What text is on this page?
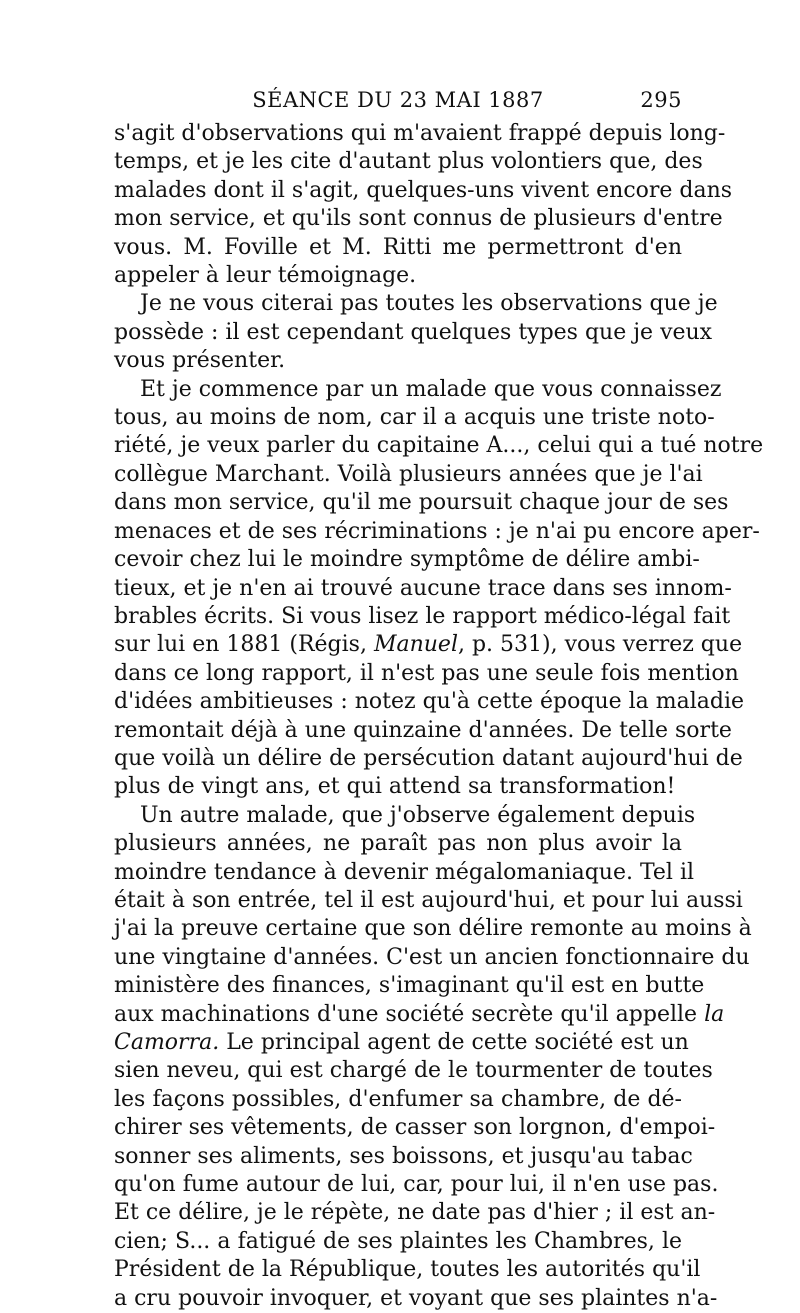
SÉANCE DU 23 MAI 1887	295
s'agit d'observations qui m'avaient frappé depuis long-
temps, et je les cite d'autant plus volontiers que, des
malades dont il s'agit, quelques-uns vivent encore dans
mon service, et qu'ils sont connus de plusieurs d'entre
vous. M. Foville et M. Ritti me permettront d'en
appeler à leur témoignage.
Je ne vous citerai pas toutes les observations que je
possède : il est cependant quelques types que je veux
vous présenter.
Et je commence par un malade que vous connaissez
tous, au moins de nom, car il a acquis une triste noto-
riété, je veux parler du capitaine A..., celui qui a tué notre
collègue Marchant. Voilà plusieurs années que je l'ai
dans mon service, qu'il me poursuit chaque jour de ses
menaces et de ses récriminations : je n'ai pu encore aper-
cevoir chez lui le moindre symptôme de délire ambi-
tieux, et je n'en ai trouvé aucune trace dans ses innom-
brables écrits. Si vous lisez le rapport médico-légal fait
sur lui en 1881 (Régis, Manuel, p. 531), vous verrez que
dans ce long rapport, il n'est pas une seule fois mention
d'idées ambitieuses : notez qu'à cette époque la maladie
remontait déjà à une quinzaine d'années. De telle sorte
que voilà un délire de persécution datant aujourd'hui de
plus de vingt ans, et qui attend sa transformation!
Un autre malade, que j'observe également depuis
plusieurs années, ne paraît pas non plus avoir la
moindre tendance à devenir mégalomaniaque. Tel il
était à son entrée, tel il est aujourd'hui, et pour lui aussi
j'ai la preuve certaine que son délire remonte au moins à
une vingtaine d'années. C'est un ancien fonctionnaire du
ministère des finances, s'imaginant qu'il est en butte
aux machinations d'une société secrète qu'il appelle la
Camorra. Le principal agent de cette société est un
sien neveu, qui est chargé de le tourmenter de toutes
les façons possibles, d'enfumer sa chambre, de dé-
chirer ses vêtements, de casser son lorgnon, d'empoi-
sonner ses aliments, ses boissons, et jusqu'au tabac
qu'on fume autour de lui, car, pour lui, il n'en use pas.
Et ce délire, je le répète, ne date pas d'hier ; il est an-
cien; S... a fatigué de ses plaintes les Chambres, le
Président de la République, toutes les autorités qu'il
a cru pouvoir invoquer, et voyant que ses plaintes n'a-
